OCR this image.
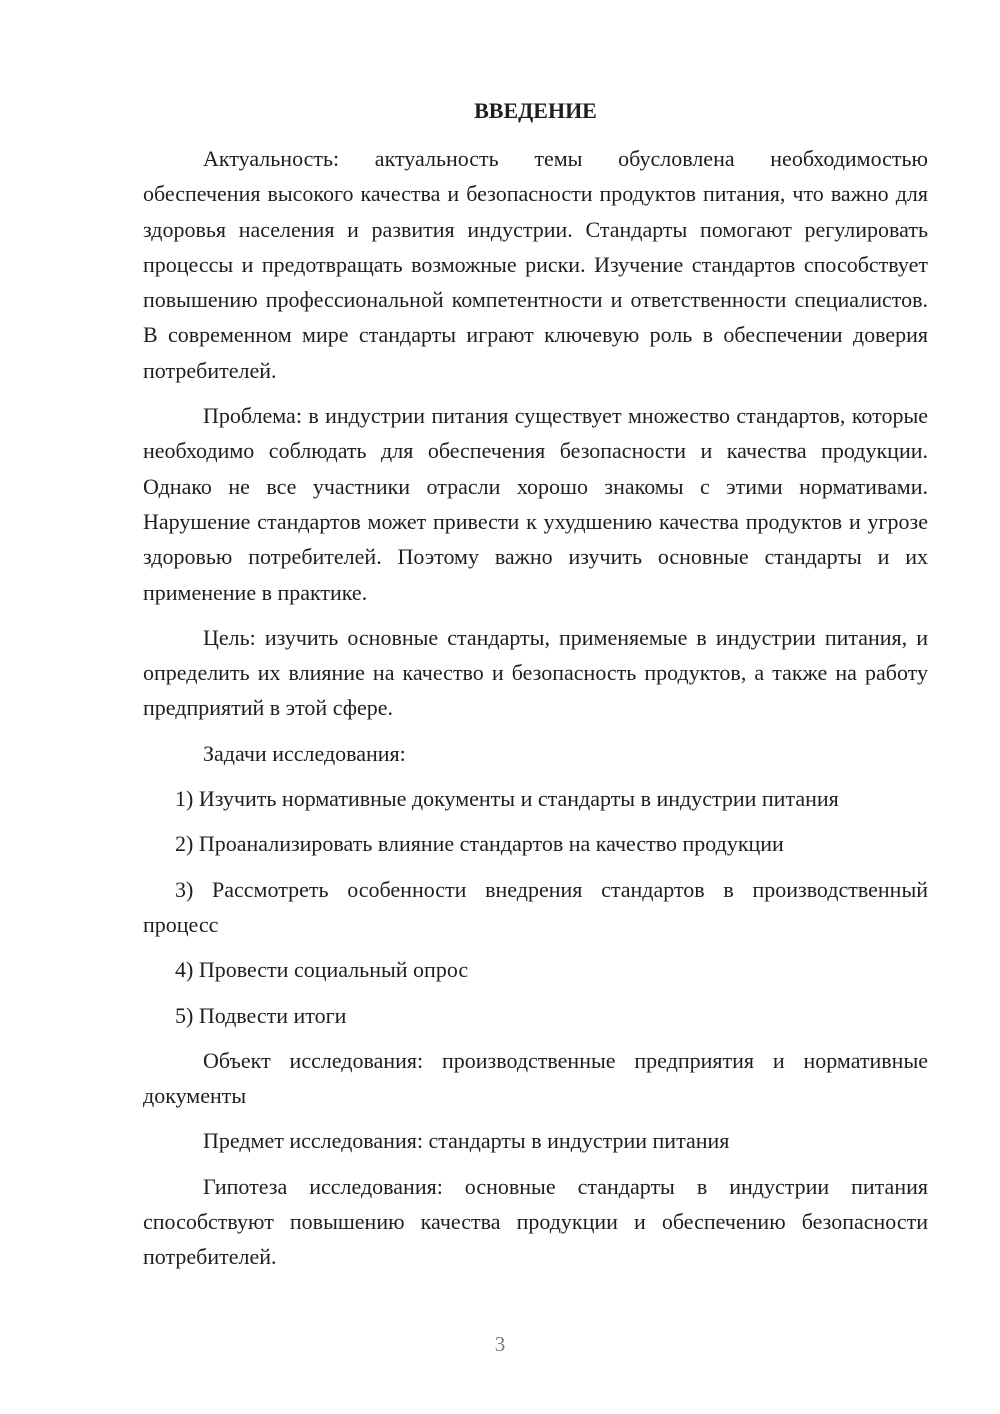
ВВЕДЕНИЕ

Актуальность: актуальность темы обусловлена необходимостью обеспечения высокого качества и безопасности продуктов питания, что важно для здоровья населения и развития индустрии. Стандарты помогают регулировать процессы и предотвращать возможные риски. Изучение стандартов способствует повышению профессиональной компетентности и ответственности специалистов. В современном мире стандарты играют ключевую роль в обеспечении доверия потребителей.

Проблема: в индустрии питания существует множество стандартов, которые необходимо соблюдать для обеспечения безопасности и качества продукции. Однако не все участники отрасли хорошо знакомы с этими нормативами. Нарушение стандартов может привести к ухудшению качества продуктов и угрозе здоровью потребителей. Поэтому важно изучить основные стандарты и их применение в практике.

Цель: изучить основные стандарты, применяемые в индустрии питания, и определить их влияние на качество и безопасность продуктов, а также на работу предприятий в этой сфере.

Задачи исследования:

1) Изучить нормативные документы и стандарты в индустрии питания

2) Проанализировать влияние стандартов на качество продукции

3) Рассмотреть особенности внедрения стандартов в производственный процесс

4) Провести социальный опрос

5) Подвести итоги

Объект исследования: производственные предприятия и нормативные документы

Предмет исследования: стандарты в индустрии питания

Гипотеза исследования: основные стандарты в индустрии питания способствуют повышению качества продукции и обеспечению безопасности потребителей.

3
